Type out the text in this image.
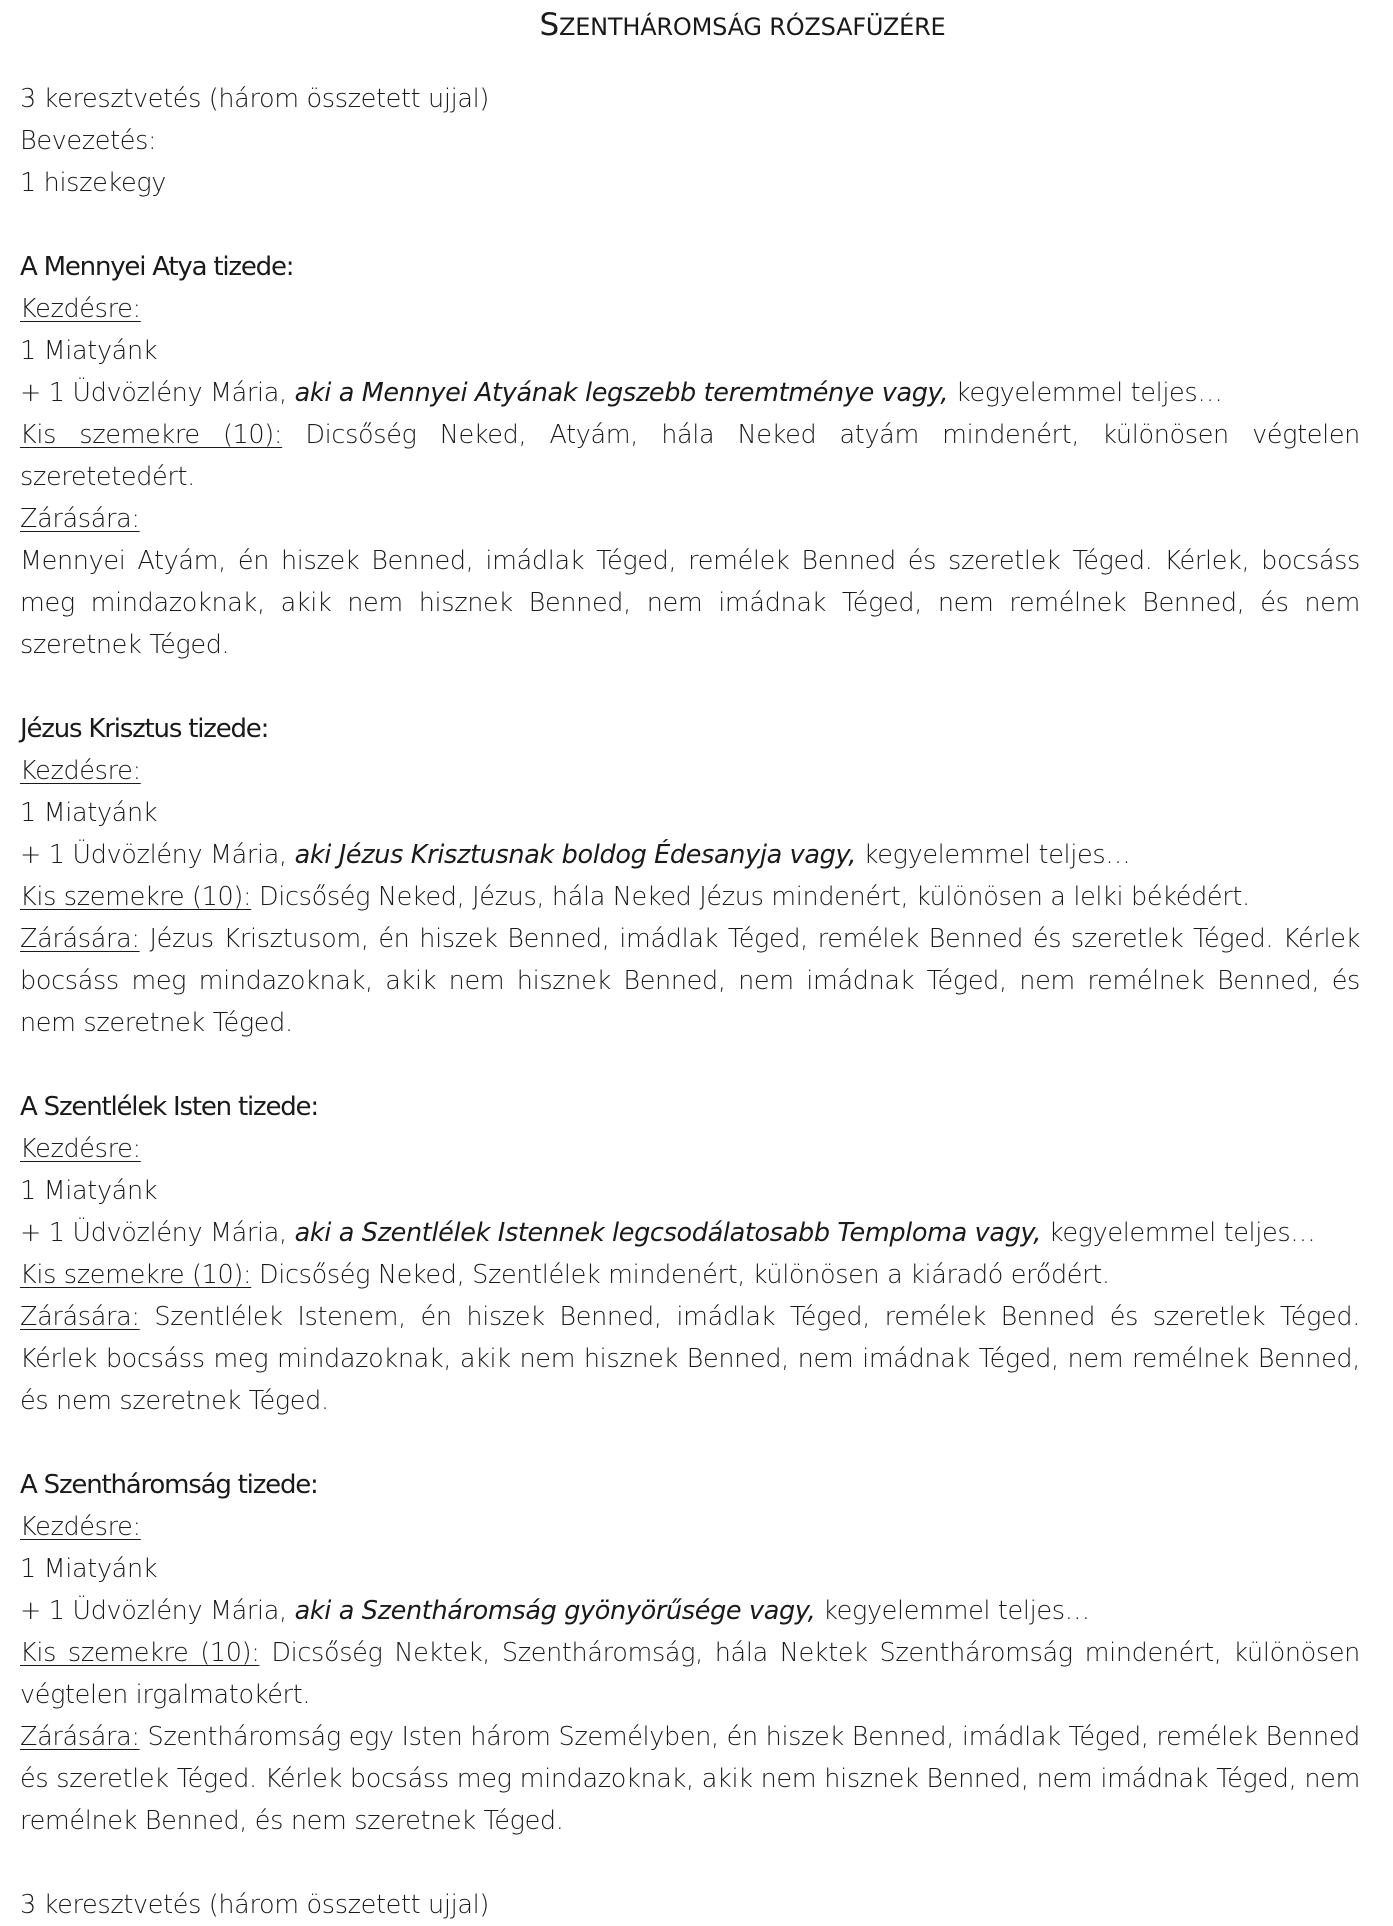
SZENTHÁROMSÁG RÓZSAFÜZÉRE
3 keresztvetés (három összetett ujjal)
Bevezetés:
1 hiszekegy
A Mennyei Atya tizede:
Kezdésre:
1 Miatyánk
+ 1 Üdvözlény Mária, aki a Mennyei Atyának legszebb teremtménye vagy, kegyelemmel teljes…
Kis szemekre (10): Dicsőség Neked, Atyám, hála Neked atyám mindenért, különösen végtelen szeretetedért.
Zárására:
Mennyei Atyám, én hiszek Benned, imádlak Téged, remélek Benned és szeretlek Téged. Kérlek, bocsáss meg mindazoknak, akik nem hisznek Benned, nem imádnak Téged, nem remélnek Benned, és nem szeretnek Téged.
Jézus Krisztus tizede:
Kezdésre:
1 Miatyánk
+ 1 Üdvözlény Mária, aki Jézus Krisztusnak boldog Édesanyja vagy, kegyelemmel teljes…
Kis szemekre (10): Dicsőség Neked, Jézus, hála Neked Jézus mindenért, különösen a lelki békédért.
Zárására: Jézus Krisztusom, én hiszek Benned, imádlak Téged, remélek Benned és szeretlek Téged. Kérlek bocsáss meg mindazoknak, akik nem hisznek Benned, nem imádnak Téged, nem remélnek Benned, és nem szeretnek Téged.
A Szentlélek Isten tizede:
Kezdésre:
1 Miatyánk
+ 1 Üdvözlény Mária, aki a Szentlélek Istennek legcsodálatosabb Temploma vagy, kegyelemmel teljes…
Kis szemekre (10): Dicsőség Neked, Szentlélek mindenért, különösen a kiáradó erődért.
Zárására: Szentlélek Istenem, én hiszek Benned, imádlak Téged, remélek Benned és szeretlek Téged. Kérlek bocsáss meg mindazoknak, akik nem hisznek Benned, nem imádnak Téged, nem remélnek Benned, és nem szeretnek Téged.
A Szentháromság tizede:
Kezdésre:
1 Miatyánk
+ 1 Üdvözlény Mária, aki a Szentháromság gyönyörűsége vagy, kegyelemmel teljes…
Kis szemekre (10): Dicsőség Nektek, Szentháromság, hála Nektek Szentháromság mindenért, különösen végtelen irgalmatokért.
Zárására: Szentháromság egy Isten három Személyben, én hiszek Benned, imádlak Téged, remélek Benned és szeretlek Téged. Kérlek bocsáss meg mindazoknak, akik nem hisznek Benned, nem imádnak Téged, nem remélnek Benned, és nem szeretnek Téged.
3 keresztvetés (három összetett ujjal)
